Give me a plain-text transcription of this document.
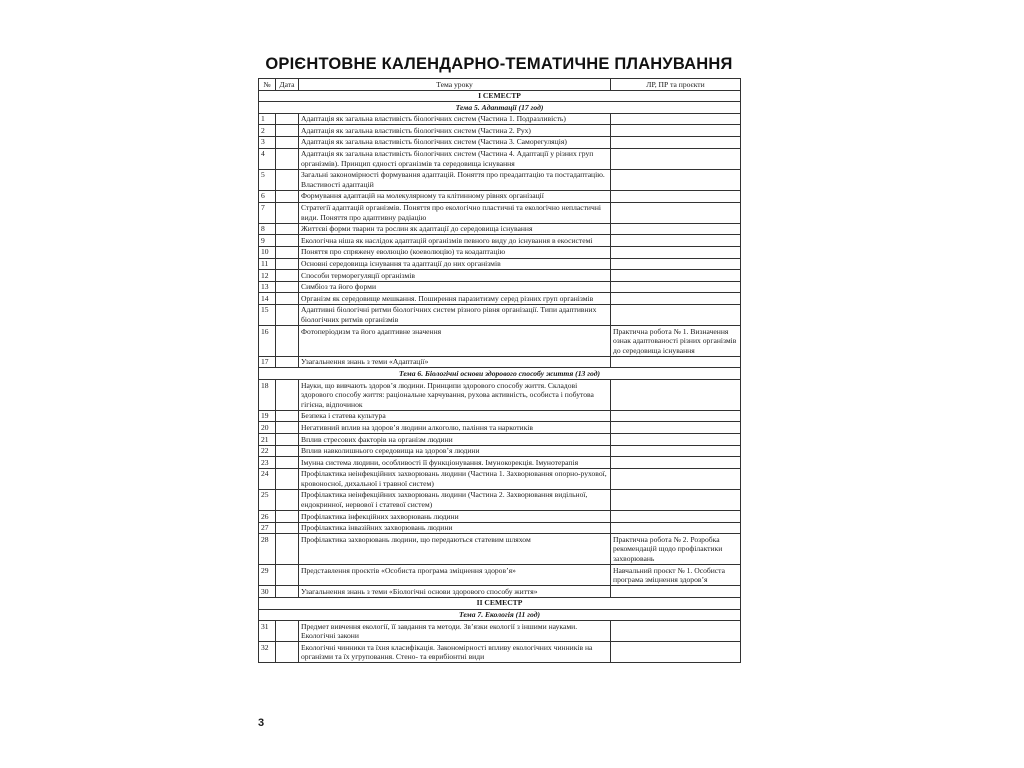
ОРІЄНТОВНЕ КАЛЕНДАРНО-ТЕМАТИЧНЕ ПЛАНУВАННЯ
№	Дата	Тема уроку	ЛР, ПР та проєкти
І СЕМЕСТР			
Тема 5. Адаптації (17 год)			
1		Адаптація як загальна властивість біологічних систем (Частина 1. Подразливість)	
2		Адаптація як загальна властивість біологічних систем (Частина 2. Рух)	
3		Адаптація як загальна властивість біологічних систем (Частина 3. Саморегуляція)	
4		Адаптація як загальна властивість біологічних систем (Частина 4. Адаптації у різних груп організмів). Принцип єдності організмів та середовища існування	
5		Загальні закономірності формування адаптацій. Поняття про преадаптацію та постадаптацію. Властивості адаптацій	
6		Формування адаптацій на молекулярному та клітинному рівнях організації	
7		Стратегії адаптацій організмів. Поняття про екологічно пластичні та екологічно непластичні види. Поняття про адаптивну радіацію	
8		Життєві форми тварин та рослин як адаптації до середовища існування	
9		Екологічна ніша як наслідок адаптацій організмів певного виду до існування в екосистемі	
10		Поняття про спряжену еволюцію (коеволюцію) та коадаптацію	
11		Основні середовища існування та адаптації до них організмів	
12		Способи терморегуляції організмів	
13		Симбіоз та його форми	
14		Організм як середовище мешкання. Поширення паразитизму серед різних груп організмів	
15		Адаптивні біологічні ритми біологічних систем різного рівня організації. Типи адаптивних біологічних ритмів організмів	
16		Фотоперіодизм та його адаптивне значення	Практична робота № 1. Визначення ознак адаптованості різних організмів до середовища існування
17		Узагальнення знань з теми «Адаптації»	
Тема 6. Біологічні основи здорового способу життя (13 год)			
18		Науки, що вивчають здоров’я людини. Принципи здорового способу життя. Складові здорового способу життя: раціональне харчування, рухова активність, особиста і побутова гігієна, відпочинок	
19		Безпека і статева культура	
20		Негативний вплив на здоров’я людини алкоголю, паління та наркотиків	
21		Вплив стресових факторів на організм людини	
22		Вплив навколишнього середовища на здоров’я людини	
23		Імунна система людини, особливості її функціонування. Імунокорекція. Імунотерапія	
24		Профілактика неінфекційних захворювань людини (Частина 1. Захворювання опорно-рухової, кровоносної, дихальної і травної систем)	
25		Профілактика неінфекційних захворювань людини (Частина 2. Захворювання видільної, ендокринної, нервової і статевої систем)	
26		Профілактика інфекційних захворювань людини	
27		Профілактика інвазійних захворювань людини	
28		Профілактика захворювань людини, що передаються статевим шляхом	Практична робота № 2. Розробка рекомендацій щодо профілактики захворювань
29		Представлення проєктів «Особиста програма зміцнення здоров’я»	Навчальний проєкт № 1. Особиста програма зміцнення здоров’я
30		Узагальнення знань з теми «Біологічні основи здорового способу життя»	
ІІ СЕМЕСТР			
Тема 7. Екологія (11 год)			
31		Предмет вивчення екології, її завдання та методи. Зв’язки екології з іншими науками. Екологічні закони	
32		Екологічні чинники та їхня класифікація. Закономірності впливу екологічних чинників на організми та їх угруповання. Стено- та еврибіонтні види	
3
